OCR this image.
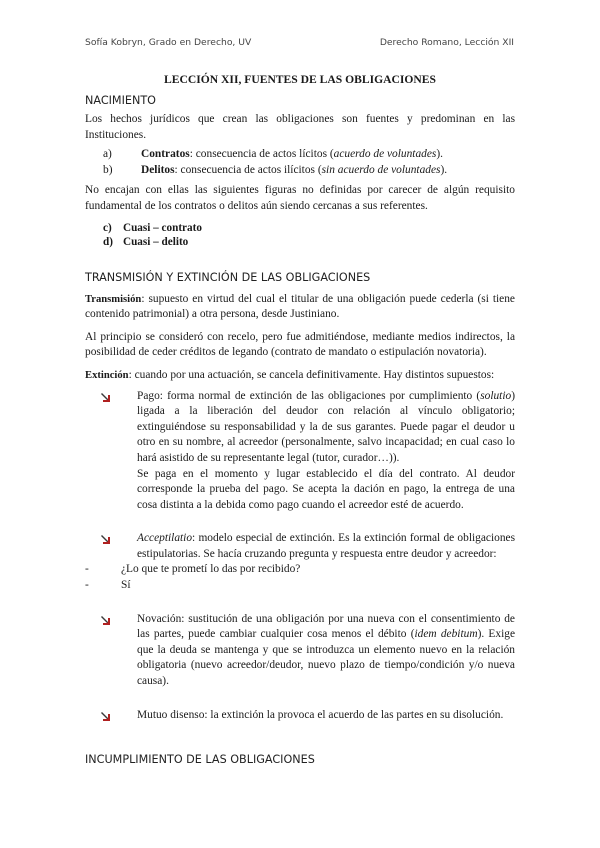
Sofía Kobryn, Grado en Derecho, UV	Derecho Romano, Lección XII
LECCIÓN XII, FUENTES DE LAS OBLIGACIONES
NACIMIENTO

Los hechos jurídicos que crean las obligaciones son fuentes y predominan en las Instituciones.

a)	Contratos: consecuencia de actos lícitos (acuerdo de voluntades).
b)	Delitos: consecuencia de actos ilícitos (sin acuerdo de voluntades).

No encajan con ellas las siguientes figuras no definidas por carecer de algún requisito fundamental de los contratos o delitos aún siendo cercanas a sus referentes.

c)	Cuasi – contrato
d) Cuasi – delito
TRANSMISIÓN Y EXTINCIÓN DE LAS OBLIGACIONES

Transmisión: supuesto en virtud del cual el titular de una obligación puede cederla (si tiene contenido patrimonial) a otra persona, desde Justiniano.

Al principio se consideró con recelo, pero fue admitiéndose, mediante medios indirectos, la posibilidad de ceder créditos de legando (contrato de mandato o estipulación novatoria).

Extinción: cuando por una actuación, se cancela definitivamente. Hay distintos supuestos:

Pago: forma normal de extinción de las obligaciones por cumplimiento (solutio) ligada a la liberación del deudor con relación al vínculo obligatorio; extinguiéndose su responsabilidad y la de sus garantes. Puede pagar el deudor u otro en su nombre, al acreedor (personalmente, salvo incapacidad; en cual caso lo hará asistido de su representante legal (tutor, curador…)).
Se paga en el momento y lugar establecido el día del contrato. Al deudor corresponde la prueba del pago. Se acepta la dación en pago, la entrega de una cosa distinta a la debida como pago cuando el acreedor esté de acuerdo.
Acceptilatio: modelo especial de extinción. Es la extinción formal de obligaciones estipulatorias. Se hacía cruzando pregunta y respuesta entre deudor y acreedor:
-	¿Lo que te prometí lo das por recibido?
-	Sí
Novación: sustitución de una obligación por una nueva con el consentimiento de las partes, puede cambiar cualquier cosa menos el débito (idem debitum). Exige que la deuda se mantenga y que se introduzca un elemento nuevo en la relación obligatoria (nuevo acreedor/deudor, nuevo plazo de tiempo/condición y/o nueva causa).
Mutuo disenso: la extinción la provoca el acuerdo de las partes en su disolución.
INCUMPLIMIENTO DE LAS OBLIGACIONES
